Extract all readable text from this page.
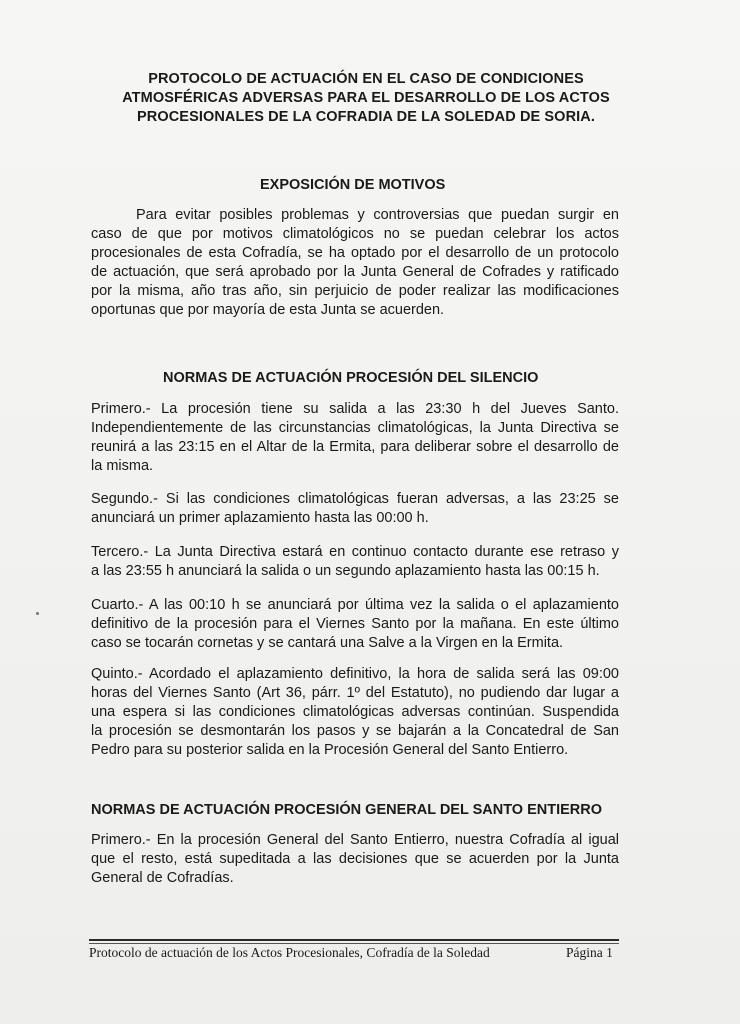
PROTOCOLO DE ACTUACIÓN EN EL CASO DE CONDICIONES
ATMOSFÉRICAS ADVERSAS PARA EL DESARROLLO DE LOS ACTOS
PROCESIONALES DE LA COFRADIA DE LA SOLEDAD DE SORIA.
EXPOSICIÓN DE MOTIVOS
Para evitar posibles problemas y controversias que puedan surgir en
caso de que por motivos climatológicos no se puedan celebrar los actos
procesionales de esta Cofradía, se ha optado por el desarrollo de un protocolo
de actuación, que será aprobado por la Junta General de Cofrades y ratificado
por la misma, año tras año, sin perjuicio de poder realizar las modificaciones
oportunas que por mayoría de esta Junta se acuerden.
NORMAS DE ACTUACIÓN PROCESIÓN DEL SILENCIO
Primero.- La procesión tiene su salida a las 23:30 h del Jueves Santo.
Independientemente de las circunstancias climatológicas, la Junta Directiva se
reunirá a las 23:15 en el Altar de la Ermita, para deliberar sobre el desarrollo de
la misma.
Segundo.- Si las condiciones climatológicas fueran adversas, a las 23:25 se
anunciará un primer aplazamiento hasta las 00:00 h.
Tercero.- La Junta Directiva estará en continuo contacto durante ese retraso y
a las 23:55 h anunciará la salida o un segundo aplazamiento hasta las 00:15 h.
Cuarto.- A las 00:10 h se anunciará por última vez la salida o el aplazamiento
definitivo de la procesión para el Viernes Santo por la mañana. En este último
caso se tocarán cornetas y se cantará una Salve a la Virgen en la Ermita.
Quinto.- Acordado el aplazamiento definitivo, la hora de salida será las 09:00
horas del Viernes Santo (Art 36, párr. 1º del Estatuto), no pudiendo dar lugar a
una espera si las condiciones climatológicas adversas continúan. Suspendida
la procesión se desmontarán los pasos y se bajarán a la Concatedral de San
Pedro para su posterior salida en la Procesión General del Santo Entierro.
NORMAS DE ACTUACIÓN PROCESIÓN GENERAL DEL SANTO ENTIERRO
Primero.- En la procesión General del Santo Entierro, nuestra Cofradía al igual
que el resto, está supeditada a las decisiones que se acuerden por la Junta
General de Cofradías.
Protocolo de actuación de los Actos Procesionales, Cofradía de la Soledad	Página 1
